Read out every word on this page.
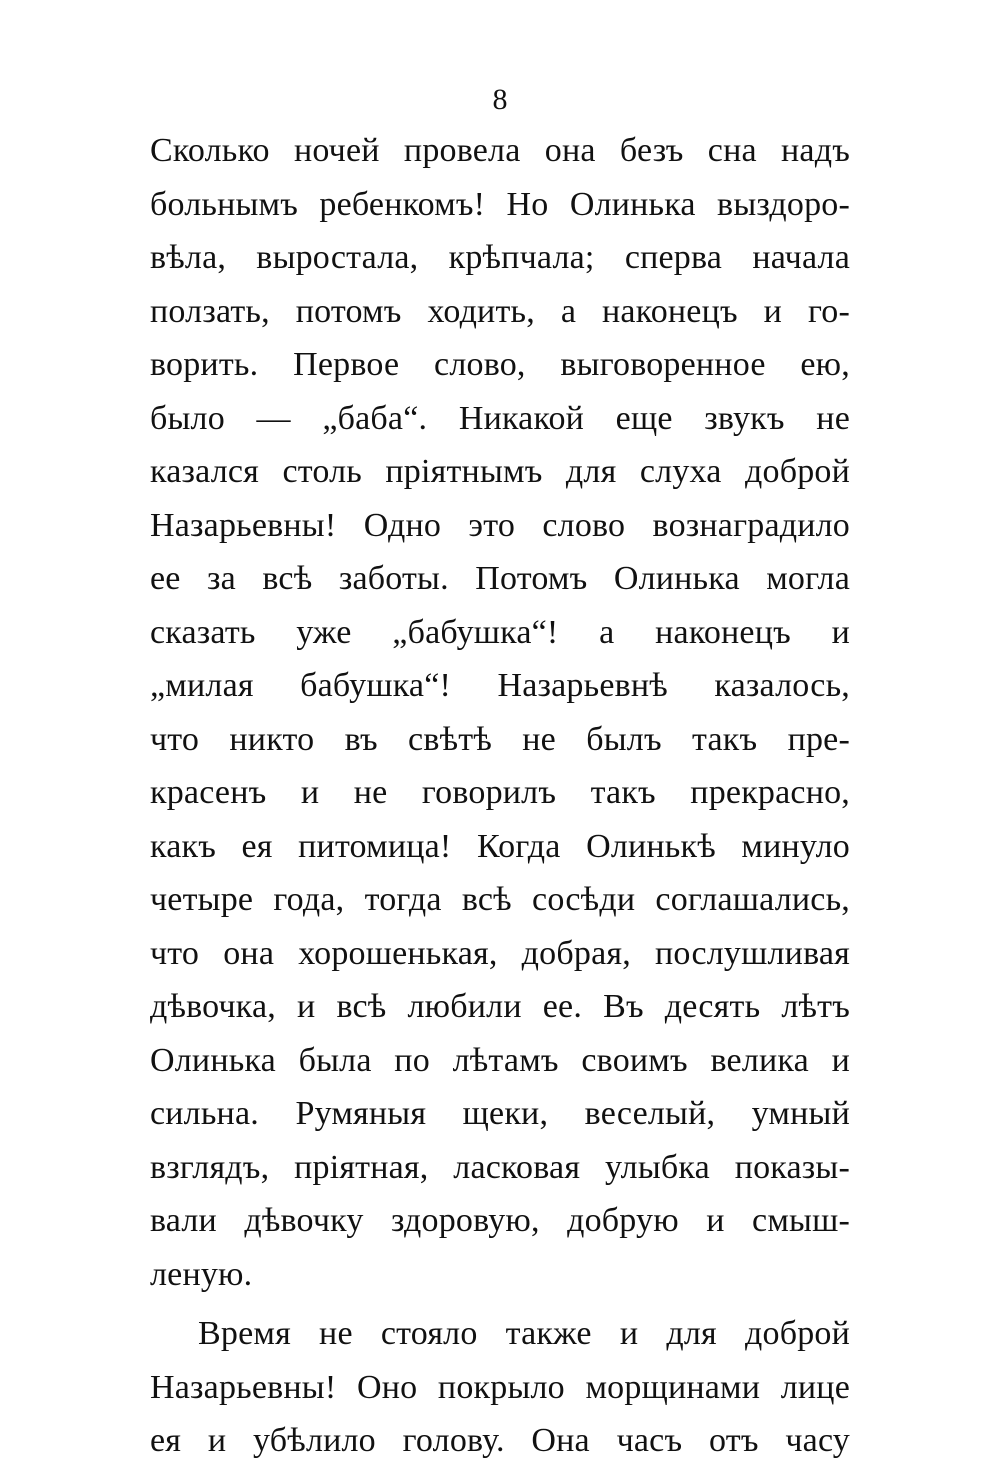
8
Сколько ночей провела она безъ сна надъ
больнымъ ребенкомъ! Но Олинька выздоро-
вѣла, выростала, крѣпчала; сперва начала
ползать, потомъ ходить, а наконецъ и го-
ворить. Первое слово, выговоренное ею,
было — „баба“. Никакой еще звукъ не
казался столь пріятнымъ для слуха доброй
Назарьевны! Одно это слово вознаградило
ее за всѣ заботы. Потомъ Олинька могла
сказать уже „бабушка“! а наконецъ и
„милая бабушка“! Назарьевнѣ казалось,
что никто въ свѣтѣ не былъ такъ пре-
красенъ и не говорилъ такъ прекрасно,
какъ ея питомица! Когда Олинькѣ минуло
четыре года, тогда всѣ сосѣди соглашались,
что она хорошенькая, добрая, послушливая
дѣвочка, и всѣ любили ее. Въ десять лѣтъ
Олинька была по лѣтамъ своимъ велика и
сильна. Румяныя щеки, веселый, умный
взглядъ, пріятная, ласковая улыбка показы-
вали дѣвочку здоровую, добрую и смыш-
леную.
Время не стояло также и для доброй
Назарьевны! Оно покрыло морщинами лице
ея и убѣлило голову. Она часъ отъ часу
